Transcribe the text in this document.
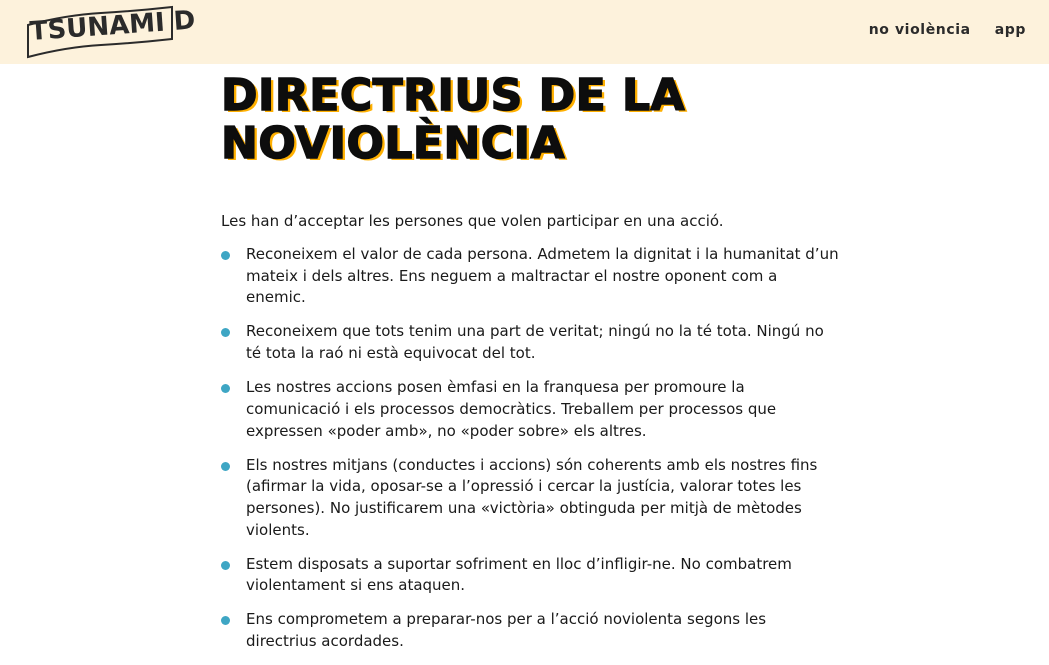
TSUNAMI D	no violència app
DIRECTRIUS DE LA NOVIOLÈNCIA

Les han d’acceptar les persones que volen participar en una acció.

Reconeixem el valor de cada persona. Admetem la dignitat i la humanitat d’un mateix i dels altres. Ens neguem a maltractar el nostre oponent com a enemic.
Reconeixem que tots tenim una part de veritat; ningú no la té tota. Ningú no té tota la raó ni està equivocat del tot.
Les nostres accions posen èmfasi en la franquesa per promoure la comunicació i els processos democràtics. Treballem per processos que expressen «poder amb», no «poder sobre» els altres.
Els nostres mitjans (conductes i accions) són coherents amb els nostres fins (afirmar la vida, oposar-se a l’opressió i cercar la justícia, valorar totes les persones). No justificarem una «victòria» obtinguda per mitjà de mètodes violents.
Estem disposats a suportar sofriment en lloc d’infligir-ne. No combatrem violentament si ens ataquen.
Ens comprometem a preparar-nos per a l’acció noviolenta segons les directrius acordades.
